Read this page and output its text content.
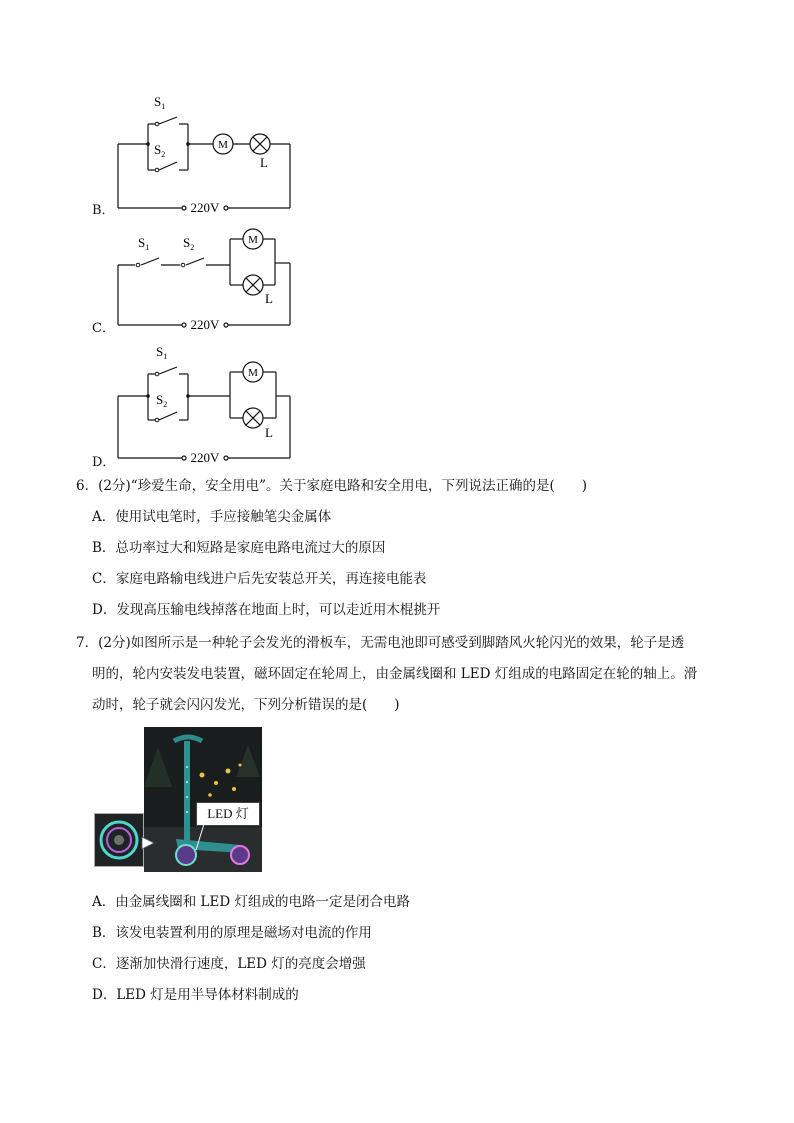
B．
$S_1$
$S_2$
M
L
220V
C．
$S_1$	$S_2$
M
L
220V
D．
$S_1$
$S_2$
M
L
220V
6．(2分)“珍爱生命，安全用电”。关于家庭电路和安全用电，下列说法正确的是(　　)
A．使用试电笔时，手应接触笔尖金属体
B．总功率过大和短路是家庭电路电流过大的原因
C．家庭电路输电线进户后先安装总开关，再连接电能表
D．发现高压输电线掉落在地面上时，可以走近用木棍挑开
7．(2分)如图所示是一种轮子会发光的滑板车，无需电池即可感受到脚踏风火轮闪光的效果，轮子是透
明的，轮内安装发电装置，磁环固定在轮周上，由金属线圈和 LED 灯组成的电路固定在轮的轴上。滑
动时，轮子就会闪闪发光，下列分析错误的是(　　)
LED 灯
A．由金属线圈和 LED 灯组成的电路一定是闭合电路
B．该发电装置利用的原理是磁场对电流的作用
C．逐渐加快滑行速度，LED 灯的亮度会增强
D．LED 灯是用半导体材料制成的
